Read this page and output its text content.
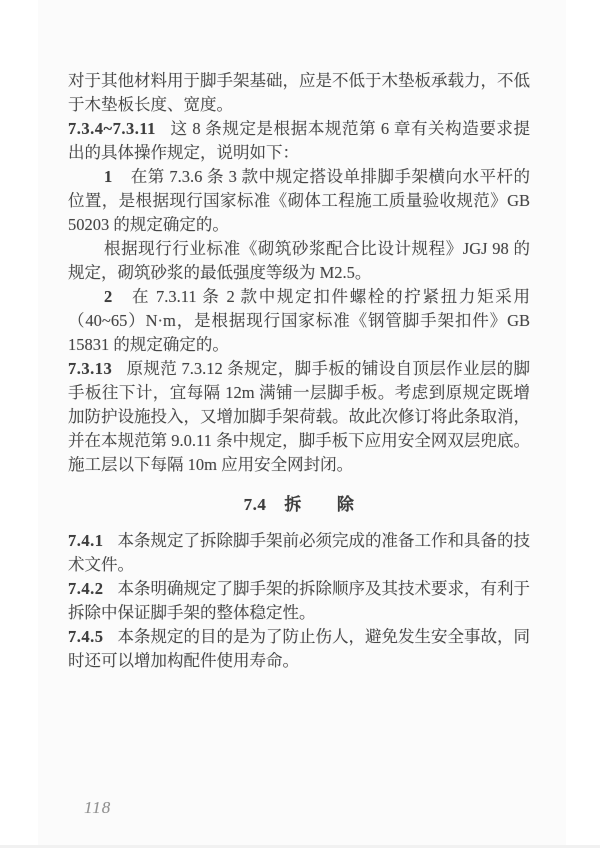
对于其他材料用于脚手架基础，应是不低于木垫板承载力，不低于木垫板长度、宽度。

7.3.4~7.3.11 这 8 条规定是根据本规范第 6 章有关构造要求提出的具体操作规定，说明如下：

1 在第 7.3.6 条 3 款中规定搭设单排脚手架横向水平杆的位置，是根据现行国家标准《砌体工程施工质量验收规范》GB 50203 的规定确定的。

根据现行行业标准《砌筑砂浆配合比设计规程》JGJ 98 的规定，砌筑砂浆的最低强度等级为 M2.5。

2 在 7.3.11 条 2 款中规定扣件螺栓的拧紧扭力矩采用（40~65）N·m，是根据现行国家标准《钢管脚手架扣件》GB 15831 的规定确定的。

7.3.13 原规范 7.3.12 条规定，脚手板的铺设自顶层作业层的脚手板往下计，宜每隔 12m 满铺一层脚手板。考虑到原规定既增加防护设施投入，又增加脚手架荷载。故此次修订将此条取消，并在本规范第 9.0.11 条中规定，脚手板下应用安全网双层兜底。施工层以下每隔 10m 应用安全网封闭。

7.4 拆　　除

7.4.1 本条规定了拆除脚手架前必须完成的准备工作和具备的技术文件。

7.4.2 本条明确规定了脚手架的拆除顺序及其技术要求，有利于拆除中保证脚手架的整体稳定性。

7.4.5 本条规定的目的是为了防止伤人，避免发生安全事故，同时还可以增加构配件使用寿命。

118
